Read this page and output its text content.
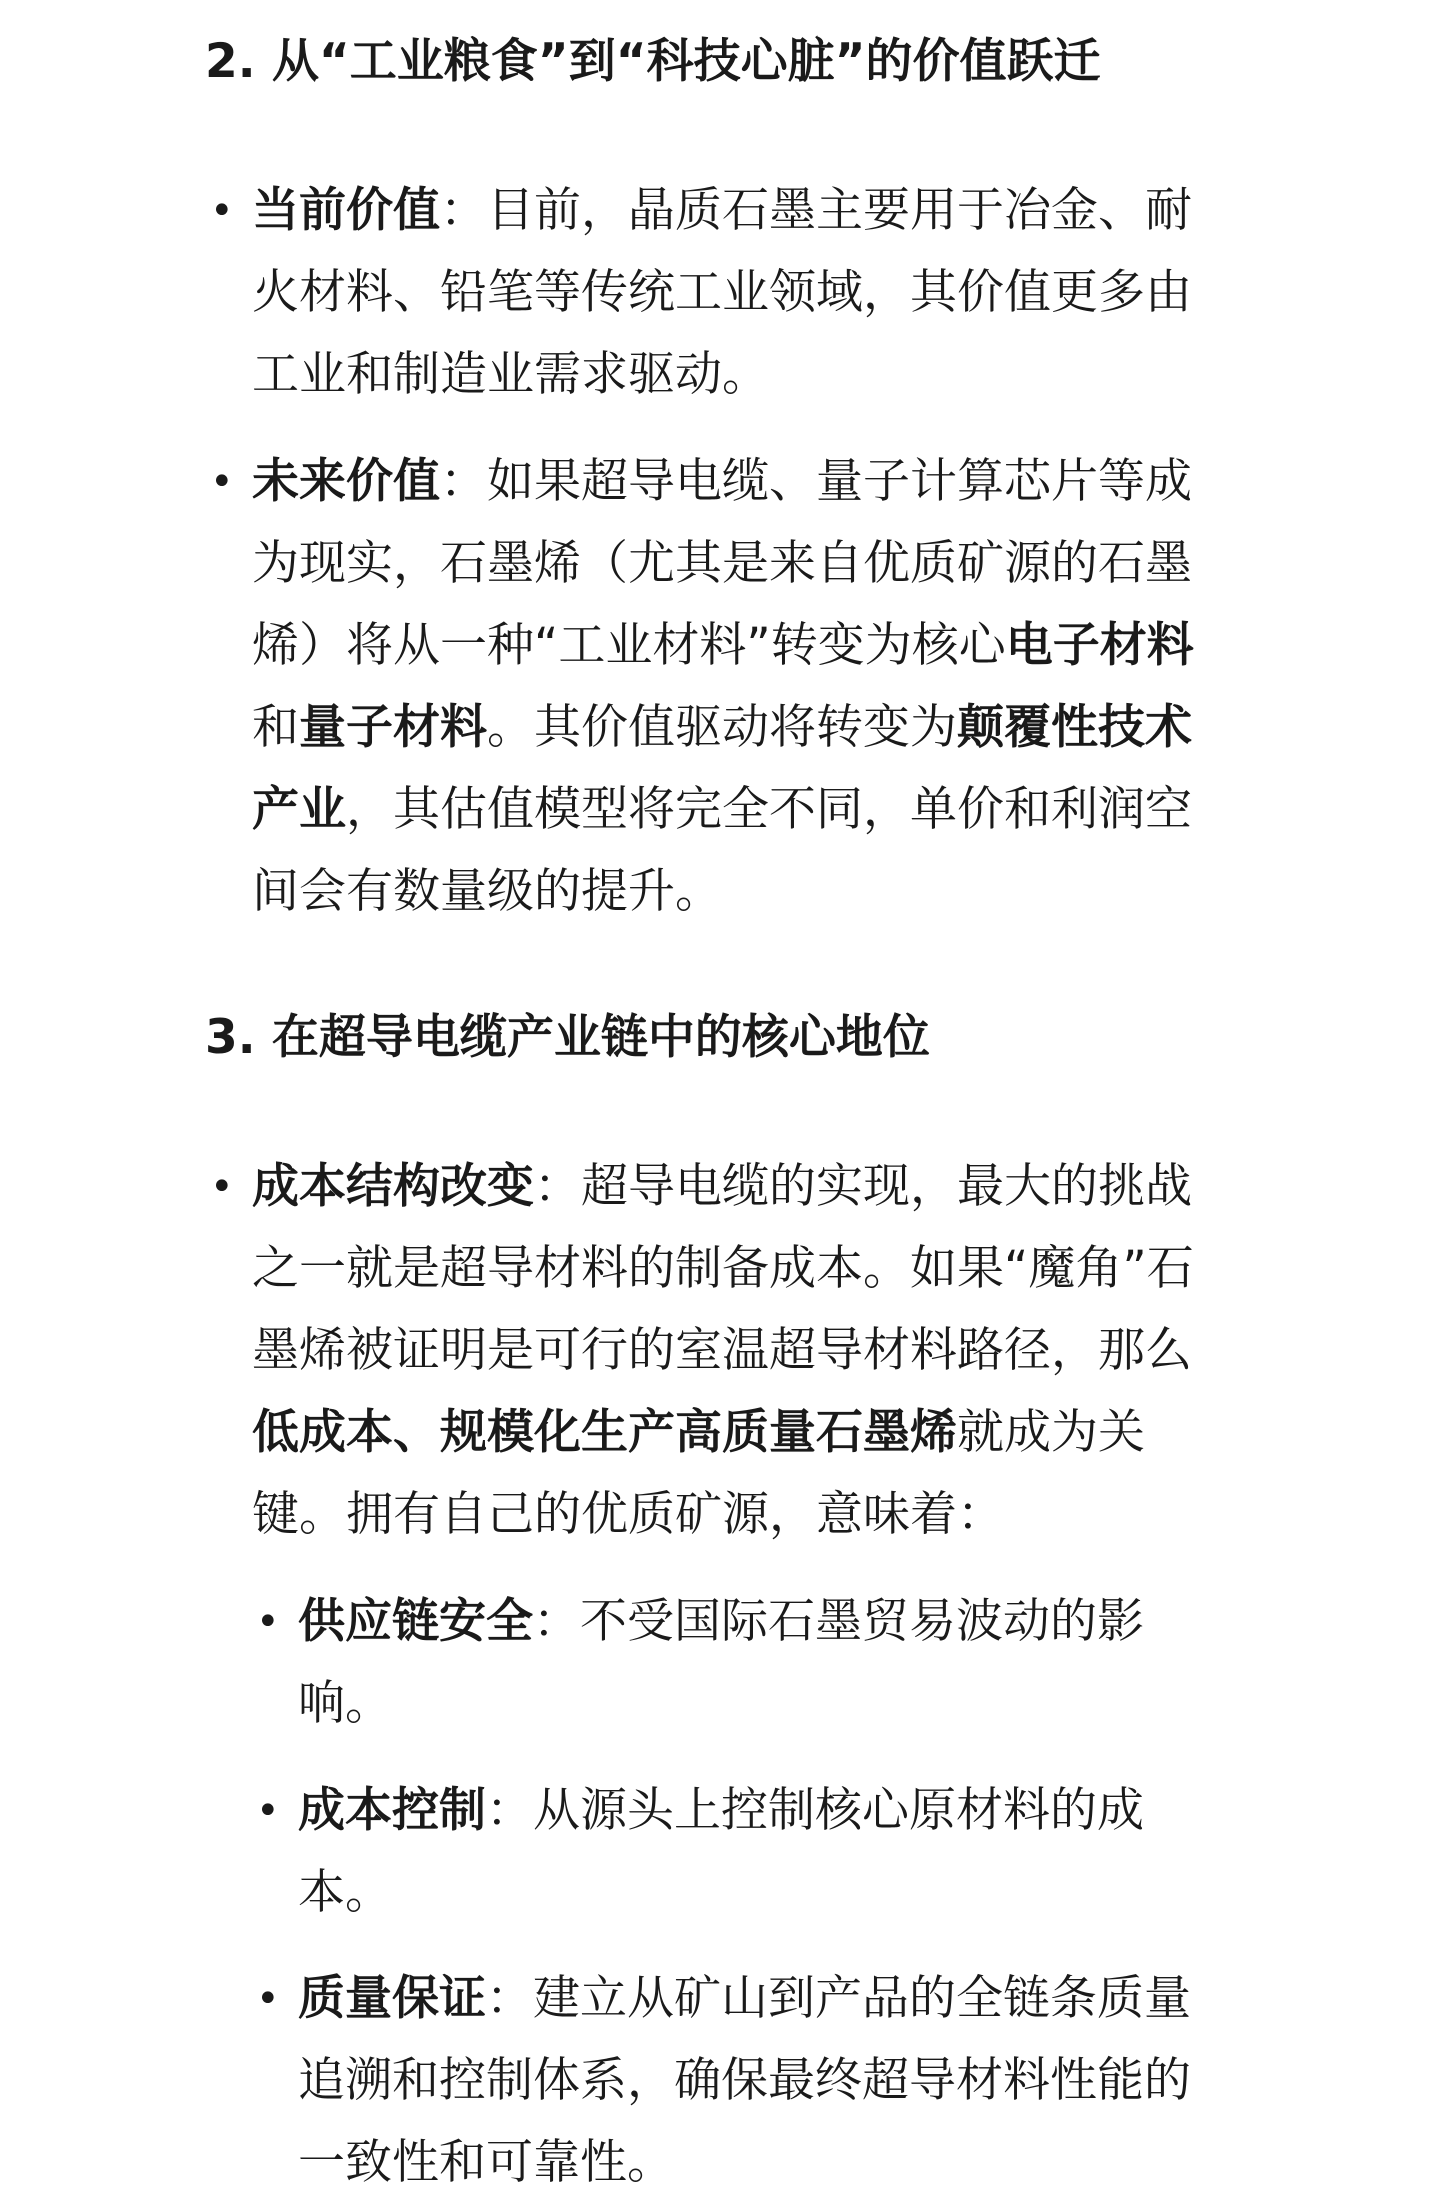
2. 从“工业粮食”到“科技心脏”的价值跃迁
• 当前价值：目前，晶质石墨主要用于冶金、耐
火材料、铅笔等传统工业领域，其价值更多由
工业和制造业需求驱动。
• 未来价值：如果超导电缆、量子计算芯片等成
为现实，石墨烯（尤其是来自优质矿源的石墨
烯）将从一种“工业材料”转变为核心电子材料
和量子材料。其价值驱动将转变为颠覆性技术
产业，其估值模型将完全不同，单价和利润空
间会有数量级的提升。
3. 在超导电缆产业链中的核心地位
• 成本结构改变：超导电缆的实现，最大的挑战
之一就是超导材料的制备成本。如果“魔角”石
墨烯被证明是可行的室温超导材料路径，那么
低成本、规模化生产高质量石墨烯就成为关
键。拥有自己的优质矿源，意味着：
• 供应链安全：不受国际石墨贸易波动的影
响。
• 成本控制：从源头上控制核心原材料的成
本。
• 质量保证：建立从矿山到产品的全链条质量
追溯和控制体系，确保最终超导材料性能的
一致性和可靠性。
